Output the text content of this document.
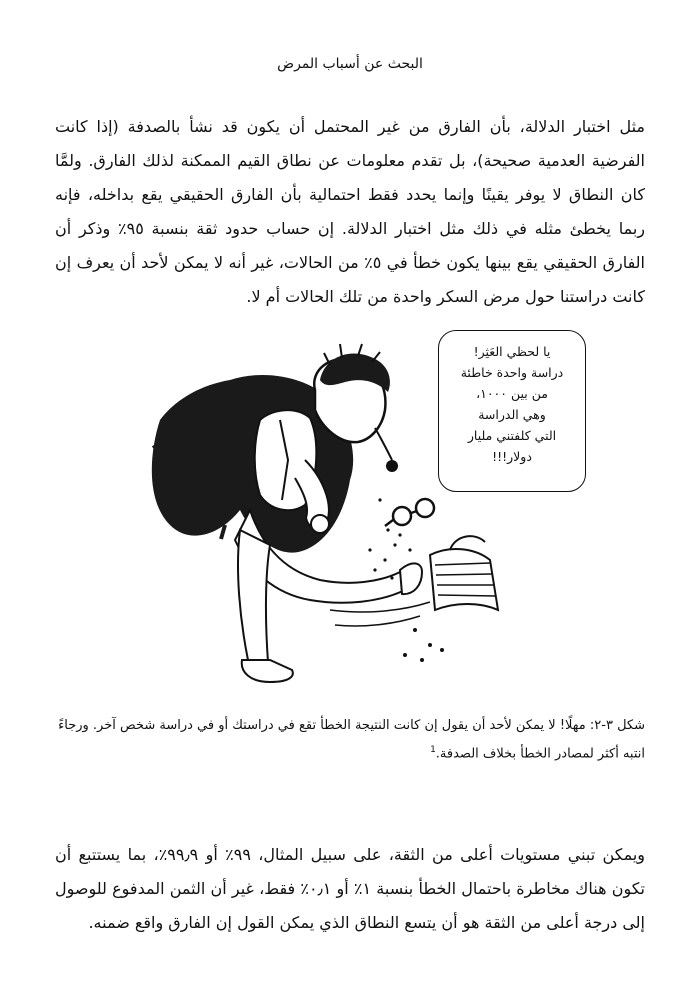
البحث عن أسباب المرض

مثل اختبار الدلالة، بأن الفارق من غير المحتمل أن يكون قد نشأ بالصدفة (إذا كانت الفرضية العدمية صحيحة)، بل تقدم معلومات عن نطاق القيم الممكنة لذلك الفارق. ولمَّا كان النطاق لا يوفر يقينًا وإنما يحدد فقط احتمالية بأن الفارق الحقيقي يقع بداخله، فإنه ربما يخطئ مثله في ذلك مثل اختبار الدلالة. إن حساب حدود ثقة بنسبة ٩٥٪ وذكر أن الفارق الحقيقي يقع بينها يكون خطأ في ٥٪ من الحالات، غير أنه لا يمكن لأحد أن يعرف إن كانت دراستنا حول مرض السكر واحدة من تلك الحالات أم لا.

يا لحظي العَثِر!
دراسة واحدة خاطئة
من بين ١٠٠٠،
وهي الدراسة
التي كلفتني مليار
دولار!!!
شكل ٣-٢: مهلًا! لا يمكن لأحد أن يقول إن كانت النتيجة الخطأ تقع في دراستك أو في دراسة شخص آخر. ورجاءً انتبه أكثر لمصادر الخطأ بخلاف الصدفة.$^1$

ويمكن تبني مستويات أعلى من الثقة، على سبيل المثال، ٩٩٪ أو ٩٩٫٩٪، بما يستتبع أن تكون هناك مخاطرة باحتمال الخطأ بنسبة ١٪ أو ٠٫١٪ فقط، غير أن الثمن المدفوع للوصول إلى درجة أعلى من الثقة هو أن يتسع النطاق الذي يمكن القول إن الفارق واقع ضمنه.
